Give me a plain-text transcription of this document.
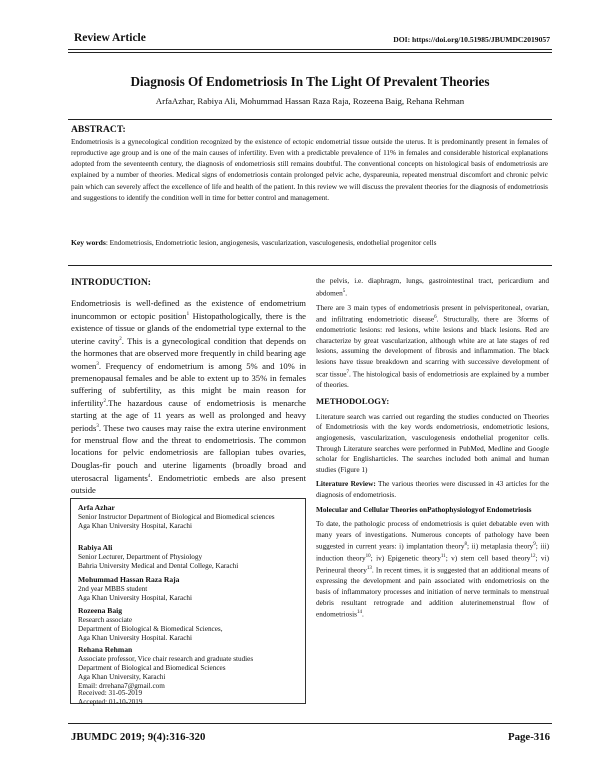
Review Article	DOI: https://doi.org/10.51985/JBUMDC2019057
Diagnosis Of Endometriosis In The Light Of Prevalent Theories
ArfaAzhar, Rabiya Ali, Mohummad Hassan Raza Raja, Rozeena Baig, Rehana Rehman
ABSTRACT:
Endometriosis is a gynecological condition recognized by the existence of ectopic endometrial tissue outside the uterus. It is predominantly present in females of reproductive age group and is one of the main causes of infertility. Even with a predictable prevalence of 11% in females and considerable historical explanations adopted from the seventeenth century, the diagnosis of endometriosis still remains doubtful. The conventional concepts on histological basis of endometriosis are explained by a number of theories. Medical signs of endometriosis contain prolonged pelvic ache, dyspareunia, repeated menstrual discomfort and chronic pelvic pain which can severely affect the excellence of life and health of the patient. In this review we will discuss the prevalent theories for the diagnosis of endometriosis and suggestions to identify the condition well in time for better control and management.
Key words: Endometriosis, Endometriotic lesion, angiogenesis, vascularization, vasculogenesis, endothelial progenitor cells
INTRODUCTION:

Endometriosis is well-defined as the existence of endometrium inuncommon or ectopic position$^1$ Histopathologically, there is the existence of tissue or glands of the endometrial type external to the uterine cavity$^2$. This is a gynecological condition that depends on the hormones that are observed more frequently in child bearing age women$^3$. Frequency of endometrium is among 5% and 10% in premenopausal females and be able to extent up to 35% in females suffering of subfertility, as this might be main reason for infertility$^2$.The hazardous cause of endometriosis is menarche starting at the age of 11 years as well as prolonged and heavy periods$^3$. These two causes may raise the extra uterine environment for menstrual flow and the threat to endometriosis. The common locations for pelvic endometriosis are fallopian tubes ovaries, Douglas-fir pouch and uterine ligaments (broadly broad and uterosacral ligaments$^4$. Endometriotic embeds are also present outside

Arfa Azhar
Senior Instructor Department of Biological and Biomedical sciences
Aga Khan University Hospital, Karachi
Rabiya Ali
Senior Lecturer, Department of Physiology
Bahria University Medical and Dental College, Karachi
Mohummad Hassan Raza Raja
2nd year MBBS student
Aga Khan University Hospital, Karachi
Rozeena Baig
Research associate
Department of Biological & Biomedical Sciences,
Aga Khan University Hospital. Karachi
Rehana Rehman
Associate professor, Vice chair research and graduate studies
Department of Biological and Biomedical Sciences
Aga Khan University, Karachi
Email: drrehana7@gmail.com
Received: 31-05-2019
Accepted: 01-10-2019

the pelvis, i.e. diaphragm, lungs, gastrointestinal tract, pericardium and abdomen$^5$.

There are 3 main types of endometriosis present in pelvisperitoneal, ovarian, and infiltrating endometriotic disease$^6$. Structurally, there are 3forms of endometriotic lesions: red lesions, white lesions and black lesions. Red are characterize by great vascularization, although white are at late stages of red lesions, assuming the development of fibrosis and inflammation. The black lesions have tissue breakdown and scarring with successive development of scar tissue$^7$. The histological basis of endometriosis are explained by a number of theories.

METHODOLOGY:

Literature search was carried out regarding the studies conducted on Theories of Endometriosis with the key words endometriosis, endometriotic lesions, angiogenesis, vascularization, vasculogenesis endothelial progenitor cells. Through Literature searches were performed in PubMed, Medline and Google scholar for Englisharticles. The searches included both animal and human studies (Figure 1)

Literature Review: The various theories were discussed in 43 articles for the diagnosis of endometriosis.

Molecular and Cellular Theories onPathophysiologyof Endometriosis

To date, the pathologic process of endometriosis is quiet debatable even with many years of investigations. Numerous concepts of pathology have been suggested in current years: i) implantation theory$^8$; ii) metaplasia theory$^9$; iii) induction theory$^{10}$; iv) Epigenetic theory$^{11}$; v) stem cell based theory$^{12}$; vi) Perineural theory$^{13}$. In recent times, it is suggested that an additional means of expressing the development and pain associated with endometriosis on the basis of inflammatory processes and initiation of nerve terminals to menstrual debris resultant retrograde and addition aluterinemenstrual flow of endometriosis$^{14}$.

JBUMDC 2019; 9(4):316-320	Page-316
